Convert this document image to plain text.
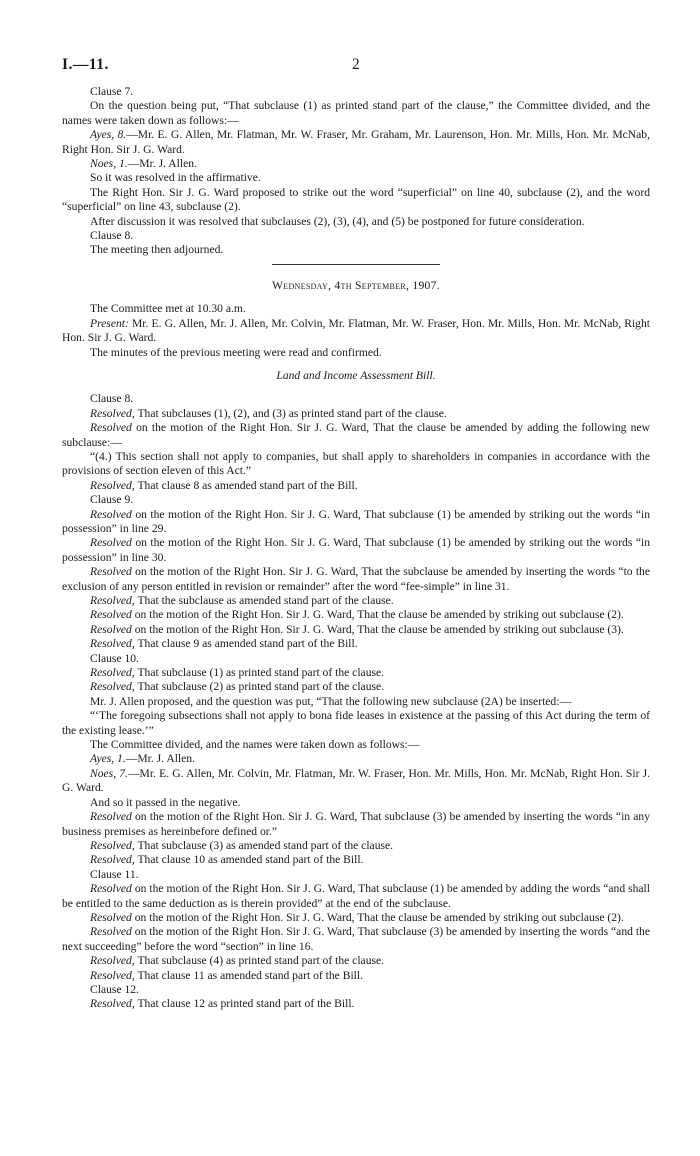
I.—11.	2
Clause 7.
On the question being put, “That subclause (1) as printed stand part of the clause,” the Committee divided, and the names were taken down as follows:—
Ayes, 8.—Mr. E. G. Allen, Mr. Flatman, Mr. W. Fraser, Mr. Graham, Mr. Laurenson, Hon. Mr. Mills, Hon. Mr. McNab, Right Hon. Sir J. G. Ward.
Noes, 1.—Mr. J. Allen.
So it was resolved in the affirmative.
The Right Hon. Sir J. G. Ward proposed to strike out the word “superficial” on line 40, subclause (2), and the word “superficial” on line 43, subclause (2).
After discussion it was resolved that subclauses (2), (3), (4), and (5) be postponed for future consideration.
Clause 8.
The meeting then adjourned.
Wednesday, 4th September, 1907.
The Committee met at 10.30 a.m.
Present: Mr. E. G. Allen, Mr. J. Allen, Mr. Colvin, Mr. Flatman, Mr. W. Fraser, Hon. Mr. Mills, Hon. Mr. McNab, Right Hon. Sir J. G. Ward.
The minutes of the previous meeting were read and confirmed.
Land and Income Assessment Bill.
Clause 8.
Resolved, That subclauses (1), (2), and (3) as printed stand part of the clause.
Resolved on the motion of the Right Hon. Sir J. G. Ward, That the clause be amended by adding the following new subclause:—
“(4.) This section shall not apply to companies, but shall apply to shareholders in companies in accordance with the provisions of section eleven of this Act.”
Resolved, That clause 8 as amended stand part of the Bill.
Clause 9.
Resolved on the motion of the Right Hon. Sir J. G. Ward, That subclause (1) be amended by striking out the words “in possession” in line 29.
Resolved on the motion of the Right Hon. Sir J. G. Ward, That subclause (1) be amended by striking out the words “in possession” in line 30.
Resolved on the motion of the Right Hon. Sir J. G. Ward, That the subclause be amended by inserting the words “to the exclusion of any person entitled in revision or remainder” after the word “fee-simple” in line 31.
Resolved, That the subclause as amended stand part of the clause.
Resolved on the motion of the Right Hon. Sir J. G. Ward, That the clause be amended by striking out subclause (2).
Resolved on the motion of the Right Hon. Sir J. G. Ward, That the clause be amended by striking out subclause (3).
Resolved, That clause 9 as amended stand part of the Bill.
Clause 10.
Resolved, That subclause (1) as printed stand part of the clause.
Resolved, That subclause (2) as printed stand part of the clause.
Mr. J. Allen proposed, and the question was put, “That the following new subclause (2A) be inserted:—
“‘The foregoing subsections shall not apply to bona fide leases in existence at the passing of this Act during the term of the existing lease.’”
The Committee divided, and the names were taken down as follows:—
Ayes, 1.—Mr. J. Allen.
Noes, 7.—Mr. E. G. Allen, Mr. Colvin, Mr. Flatman, Mr. W. Fraser, Hon. Mr. Mills, Hon. Mr. McNab, Right Hon. Sir J. G. Ward.
And so it passed in the negative.
Resolved on the motion of the Right Hon. Sir J. G. Ward, That subclause (3) be amended by inserting the words “in any business premises as hereinbefore defined or.”
Resolved, That subclause (3) as amended stand part of the clause.
Resolved, That clause 10 as amended stand part of the Bill.
Clause 11.
Resolved on the motion of the Right Hon. Sir J. G. Ward, That subclause (1) be amended by adding the words “and shall be entitled to the same deduction as is therein provided” at the end of the subclause.
Resolved on the motion of the Right Hon. Sir J. G. Ward, That the clause be amended by striking out subclause (2).
Resolved on the motion of the Right Hon. Sir J. G. Ward, That subclause (3) be amended by inserting the words “and the next succeeding” before the word “section” in line 16.
Resolved, That subclause (4) as printed stand part of the clause.
Resolved, That clause 11 as amended stand part of the Bill.
Clause 12.
Resolved, That clause 12 as printed stand part of the Bill.
